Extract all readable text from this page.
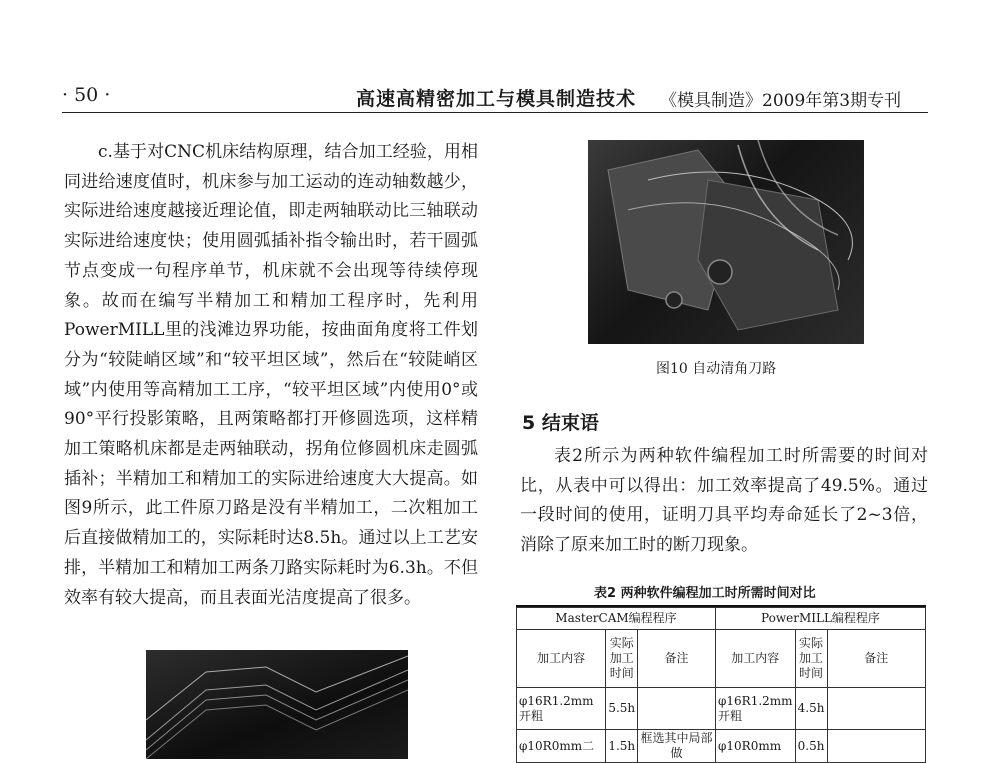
· 50 ·	高速高精密加工与模具制造技术 《模具制造》2009年第3期专刊

c.基于对CNC机床结构原理，结合加工经验，用相同进给速度值时，机床参与加工运动的连动轴数越少，实际进给速度越接近理论值，即走两轴联动比三轴联动实际进给速度快；使用圆弧插补指令输出时，若干圆弧节点变成一句程序单节，机床就不会出现等待续停现象。故而在编写半精加工和精加工程序时，先利用PowerMILL里的浅滩边界功能，按曲面角度将工件划分为“较陡峭区域”和“较平坦区域”，然后在“较陡峭区域”内使用等高精加工工序，“较平坦区域”内使用0°或90°平行投影策略，且两策略都打开修圆选项，这样精加工策略机床都是走两轴联动，拐角位修圆机床走圆弧插补；半精加工和精加工的实际进给速度大大提高。如图9所示，此工件原刀路是没有半精加工，二次粗加工后直接做精加工的，实际耗时达8.5h。通过以上工艺安排，半精加工和精加工两条刀路实际耗时为6.3h。不但效率有较大提高，而且表面光洁度提高了很多。

图10 自动清角刀路
5 结束语

表2所示为两种软件编程加工时所需要的时间对比，从表中可以得出：加工效率提高了49.5%。通过一段时间的使用，证明刀具平均寿命延长了2~3倍，消除了原来加工时的断刀现象。

表2 两种软件编程加工时所需时间对比
MasterCAM编程程序			PowerMILL编程程序		
加工内容	实际加工时间	备注	加工内容	实际加工时间	备注
φ16R1.2mm开粗	5.5h		φ16R1.2mm开粗	4.5h	
φ10R0mm二	1.5h	框选其中局部做	φ10R0mm	0.5h	
